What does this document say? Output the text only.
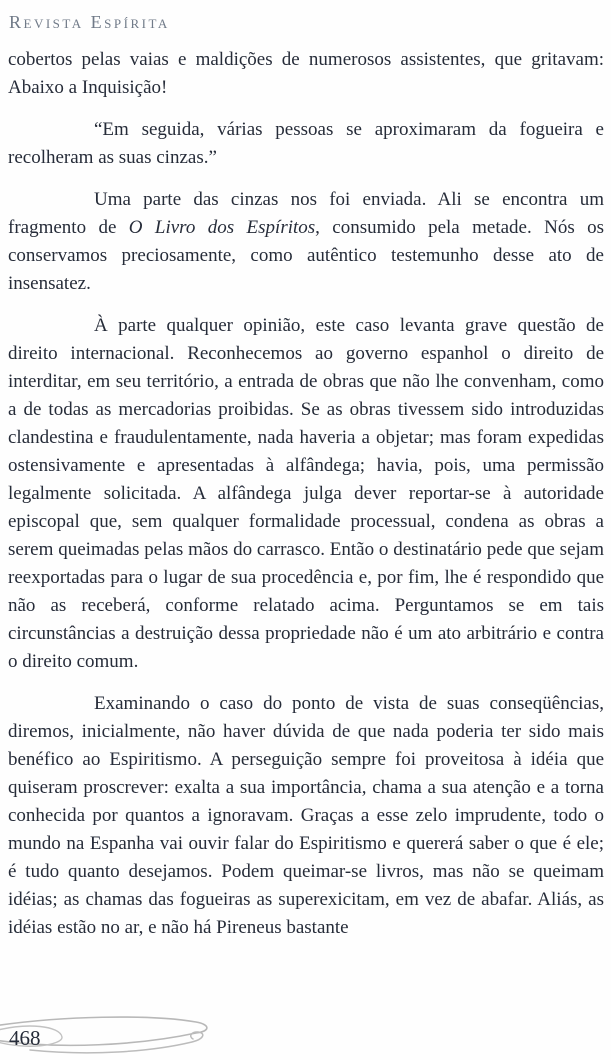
Revista Espírita

cobertos pelas vaias e maldições de numerosos assistentes, que gritavam: Abaixo a Inquisição!

“Em seguida, várias pessoas se aproximaram da fogueira e recolheram as suas cinzas.”

Uma parte das cinzas nos foi enviada. Ali se encontra um fragmento de O Livro dos Espíritos, consumido pela metade. Nós os conservamos preciosamente, como autêntico testemunho desse ato de insensatez.

À parte qualquer opinião, este caso levanta grave questão de direito internacional. Reconhecemos ao governo espanhol o direito de interditar, em seu território, a entrada de obras que não lhe convenham, como a de todas as mercadorias proibidas. Se as obras tivessem sido introduzidas clandestina e fraudulentamente, nada haveria a objetar; mas foram expedidas ostensivamente e apresentadas à alfândega; havia, pois, uma permissão legalmente solicitada. A alfândega julga dever reportar-se à autoridade episcopal que, sem qualquer formalidade processual, condena as obras a serem queimadas pelas mãos do carrasco. Então o destinatário pede que sejam reexportadas para o lugar de sua procedência e, por fim, lhe é respondido que não as receberá, conforme relatado acima. Perguntamos se em tais circunstâncias a destruição dessa propriedade não é um ato arbitrário e contra o direito comum.

Examinando o caso do ponto de vista de suas conseqüências, diremos, inicialmente, não haver dúvida de que nada poderia ter sido mais benéfico ao Espiritismo. A perseguição sempre foi proveitosa à idéia que quiseram proscrever: exalta a sua importância, chama a sua atenção e a torna conhecida por quantos a ignoravam. Graças a esse zelo imprudente, todo o mundo na Espanha vai ouvir falar do Espiritismo e quererá saber o que é ele; é tudo quanto desejamos. Podem queimar-se livros, mas não se queimam idéias; as chamas das fogueiras as superexicitam, em vez de abafar. Aliás, as idéias estão no ar, e não há Pireneus bastante

468
